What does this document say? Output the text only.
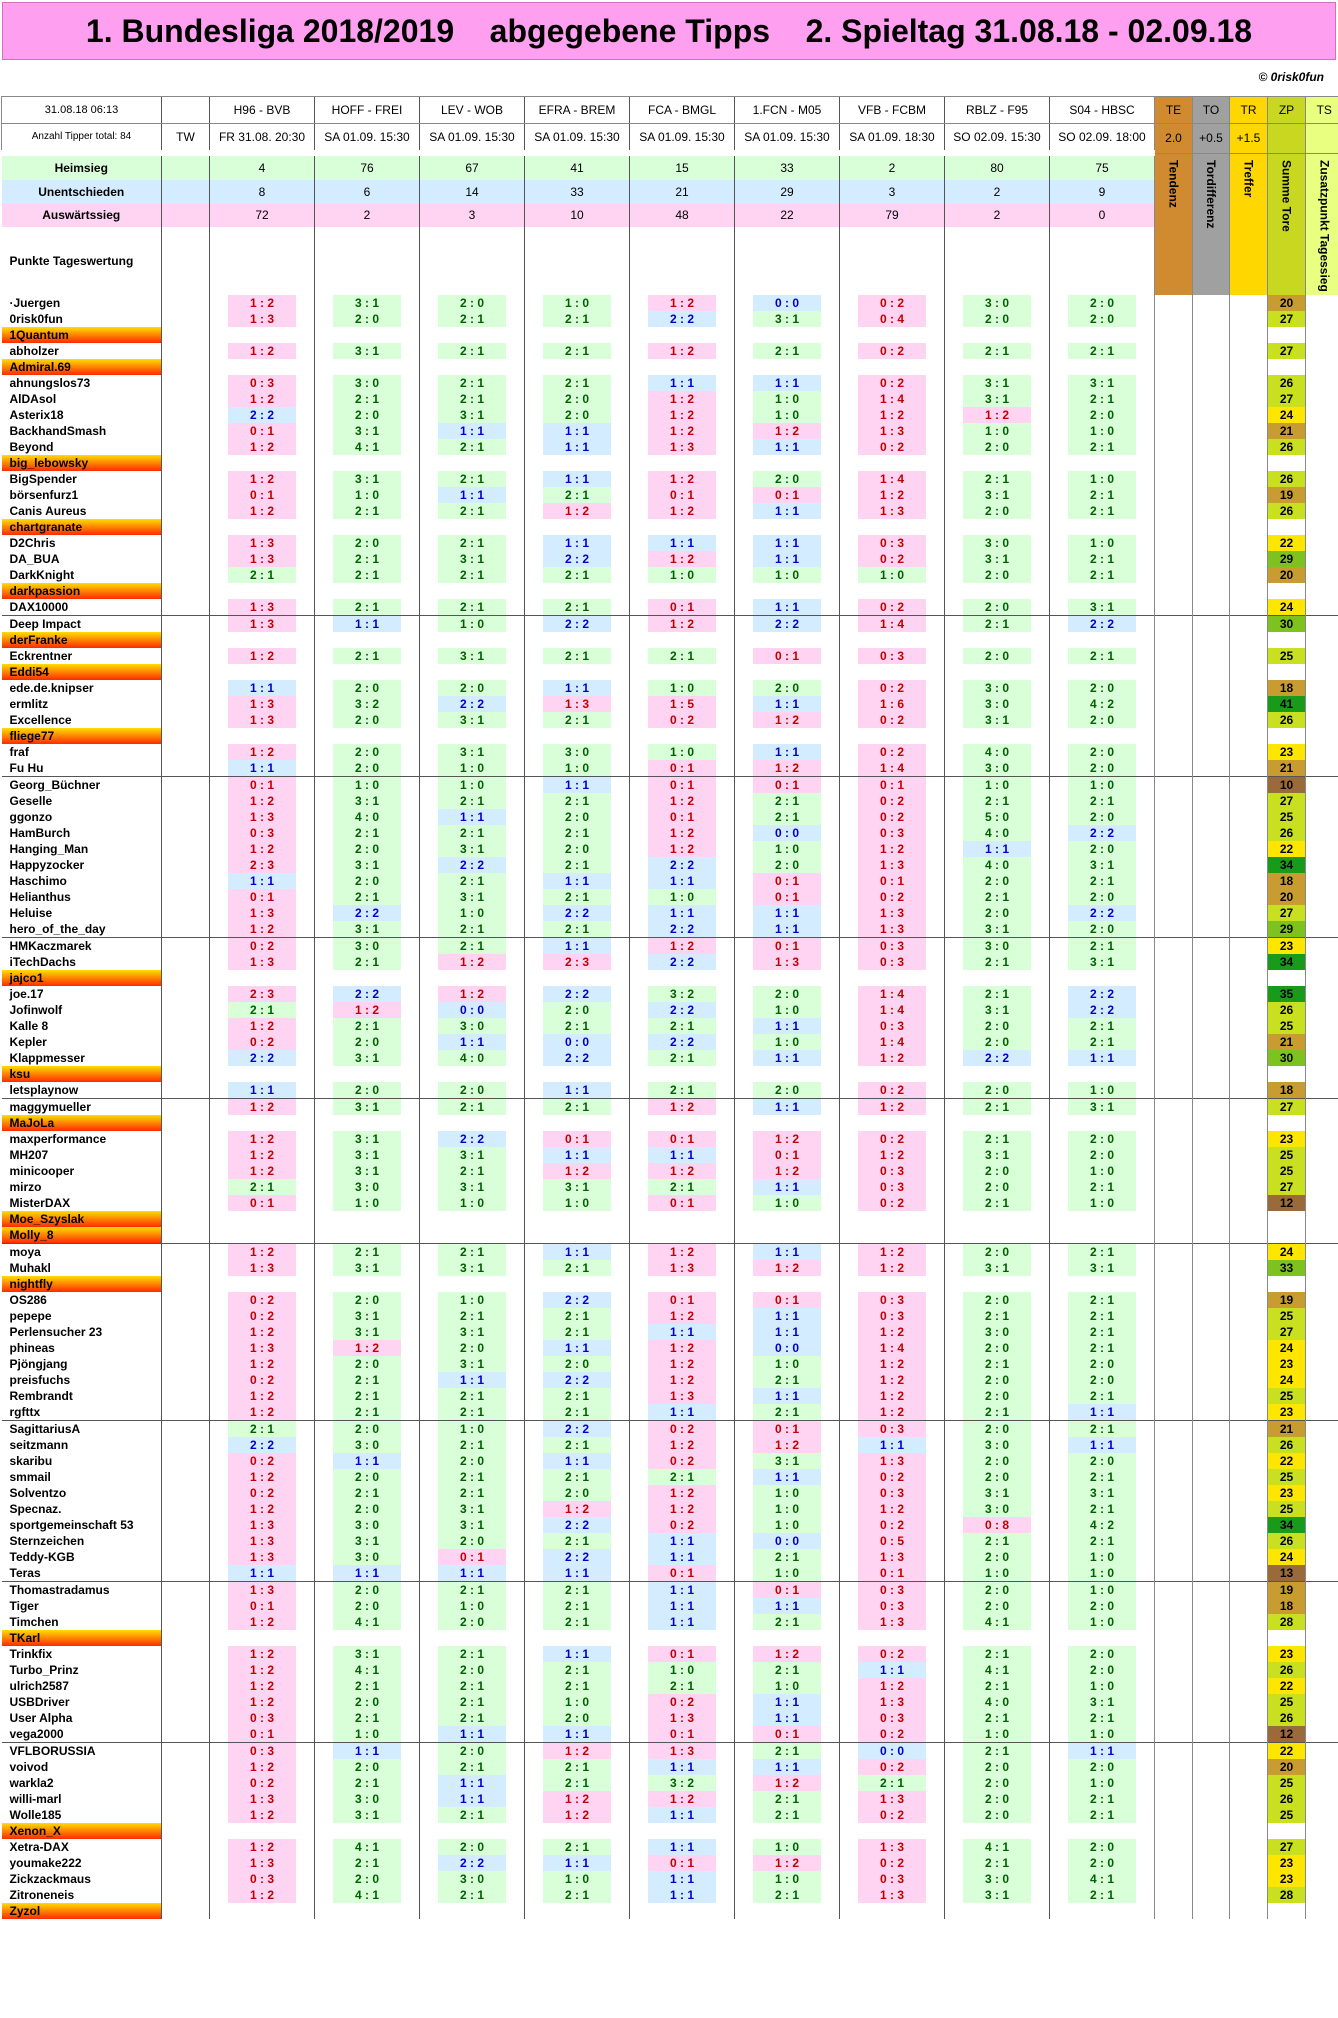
1. Bundesliga 2018/2019    abgegebene Tipps    2. Spieltag 31.08.18 - 02.09.18
© 0risk0fun
31.08.18 06:13		H96 - BVB	HOFF - FREI	LEV - WOB	EFRA - BREM	FCA - BMGL	1.FCN - M05	VFB - FCBM	RBLZ - F95	S04 - HBSC	TE	TO	TR	ZP	TS
Anzahl Tipper total: 84	TW	FR 31.08. 20:30	SA 01.09. 15:30	SA 01.09. 15:30	SA 01.09. 15:30	SA 01.09. 15:30	SA 01.09. 15:30	SA 01.09. 18:30	SO 02.09. 15:30	SO 02.09. 18:00	2.0	+0.5	+1.5		
Heimsieg		4	76	67	41	15	33	2	80	75	Tendenz	Tordifferenz	Treffer	Summe Tore	Zusatzpunkt Tagessieg
Unentschieden		8	6	14	33	21	29	3	2	9					
Auswärtssieg		72	2	3	10	48	22	79	2	0					
Punkte Tageswertung															
·Juergen		1 : 2	3 : 1	2 : 0	1 : 0	1 : 2	0 : 0	0 : 2	3 : 0	2 : 0				20	
0risk0fun		1 : 3	2 : 0	2 : 1	2 : 1	2 : 2	3 : 1	0 : 4	2 : 0	2 : 0				27	
1Quantum															
abholzer		1 : 2	3 : 1	2 : 1	2 : 1	1 : 2	2 : 1	0 : 2	2 : 1	2 : 1				27	
Admiral.69															
ahnungslos73		0 : 3	3 : 0	2 : 1	2 : 1	1 : 1	1 : 1	0 : 2	3 : 1	3 : 1				26	
AlDAsol		1 : 2	2 : 1	2 : 1	2 : 0	1 : 2	1 : 0	1 : 4	3 : 1	2 : 1				27	
Asterix18		2 : 2	2 : 0	3 : 1	2 : 0	1 : 2	1 : 0	1 : 2	1 : 2	2 : 0				24	
BackhandSmash		0 : 1	3 : 1	1 : 1	1 : 1	1 : 2	1 : 2	1 : 3	1 : 0	1 : 0				21	
Beyond		1 : 2	4 : 1	2 : 1	1 : 1	1 : 3	1 : 1	0 : 2	2 : 0	2 : 1				26	
big_lebowsky															
BigSpender		1 : 2	3 : 1	2 : 1	1 : 1	1 : 2	2 : 0	1 : 4	2 : 1	1 : 0				26	
börsenfurz1		0 : 1	1 : 0	1 : 1	2 : 1	0 : 1	0 : 1	1 : 2	3 : 1	2 : 1				19	
Canis Aureus		1 : 2	2 : 1	2 : 1	1 : 2	1 : 2	1 : 1	1 : 3	2 : 0	2 : 1				26	
chartgranate															
D2Chris		1 : 3	2 : 0	2 : 1	1 : 1	1 : 1	1 : 1	0 : 3	3 : 0	1 : 0				22	
DA_BUA		1 : 3	2 : 1	3 : 1	2 : 2	1 : 2	1 : 1	0 : 2	3 : 1	2 : 1				29	
DarkKnight		2 : 1	2 : 1	2 : 1	2 : 1	1 : 0	1 : 0	1 : 0	2 : 0	2 : 1				20	
darkpassion															
DAX10000		1 : 3	2 : 1	2 : 1	2 : 1	0 : 1	1 : 1	0 : 2	2 : 0	3 : 1				24	
Deep Impact		1 : 3	1 : 1	1 : 0	2 : 2	1 : 2	2 : 2	1 : 4	2 : 1	2 : 2				30	
derFranke															
Eckrentner		1 : 2	2 : 1	3 : 1	2 : 1	2 : 1	0 : 1	0 : 3	2 : 0	2 : 1				25	
Eddi54															
ede.de.knipser		1 : 1	2 : 0	2 : 0	1 : 1	1 : 0	2 : 0	0 : 2	3 : 0	2 : 0				18	
ermlitz		1 : 3	3 : 2	2 : 2	1 : 3	1 : 5	1 : 1	1 : 6	3 : 0	4 : 2				41	
Excellence		1 : 3	2 : 0	3 : 1	2 : 1	0 : 2	1 : 2	0 : 2	3 : 1	2 : 0				26	
fliege77															
fraf		1 : 2	2 : 0	3 : 1	3 : 0	1 : 0	1 : 1	0 : 2	4 : 0	2 : 0				23	
Fu Hu		1 : 1	2 : 0	1 : 0	1 : 0	0 : 1	1 : 2	1 : 4	3 : 0	2 : 0				21	
Georg_Büchner		0 : 1	1 : 0	1 : 0	1 : 1	0 : 1	0 : 1	0 : 1	1 : 0	1 : 0				10	
Geselle		1 : 2	3 : 1	2 : 1	2 : 1	1 : 2	2 : 1	0 : 2	2 : 1	2 : 1				27	
ggonzo		1 : 3	4 : 0	1 : 1	2 : 0	0 : 1	2 : 1	0 : 2	5 : 0	2 : 0				25	
HamBurch		0 : 3	2 : 1	2 : 1	2 : 1	1 : 2	0 : 0	0 : 3	4 : 0	2 : 2				26	
Hanging_Man		1 : 2	2 : 0	3 : 1	2 : 0	1 : 2	1 : 0	1 : 2	1 : 1	2 : 0				22	
Happyzocker		2 : 3	3 : 1	2 : 2	2 : 1	2 : 2	2 : 0	1 : 3	4 : 0	3 : 1				34	
Haschimo		1 : 1	2 : 0	2 : 1	1 : 1	1 : 1	0 : 1	0 : 1	2 : 0	2 : 1				18	
Helianthus		0 : 1	2 : 1	3 : 1	2 : 1	1 : 0	0 : 1	0 : 2	2 : 1	2 : 0				20	
Heluise		1 : 3	2 : 2	1 : 0	2 : 2	1 : 1	1 : 1	1 : 3	2 : 0	2 : 2				27	
hero_of_the_day		1 : 2	3 : 1	2 : 1	2 : 1	2 : 2	1 : 1	1 : 3	3 : 1	2 : 0				29	
HMKaczmarek		0 : 2	3 : 0	2 : 1	1 : 1	1 : 2	0 : 1	0 : 3	3 : 0	2 : 1				23	
iTechDachs		1 : 3	2 : 1	1 : 2	2 : 3	2 : 2	1 : 3	0 : 3	2 : 1	3 : 1				34	
jajco1															
joe.17		2 : 3	2 : 2	1 : 2	2 : 2	3 : 2	2 : 0	1 : 4	2 : 1	2 : 2				35	
Jofinwolf		2 : 1	1 : 2	0 : 0	2 : 0	2 : 2	1 : 0	1 : 4	3 : 1	2 : 2				26	
Kalle 8		1 : 2	2 : 1	3 : 0	2 : 1	2 : 1	1 : 1	0 : 3	2 : 0	2 : 1				25	
Kepler		0 : 2	2 : 0	1 : 1	0 : 0	2 : 2	1 : 0	1 : 4	2 : 0	2 : 1				21	
Klappmesser		2 : 2	3 : 1	4 : 0	2 : 2	2 : 1	1 : 1	1 : 2	2 : 2	1 : 1				30	
ksu															
letsplaynow		1 : 1	2 : 0	2 : 0	1 : 1	2 : 1	2 : 0	0 : 2	2 : 0	1 : 0				18	
maggymueller		1 : 2	3 : 1	2 : 1	2 : 1	1 : 2	1 : 1	1 : 2	2 : 1	3 : 1				27	
MaJoLa															
maxperformance		1 : 2	3 : 1	2 : 2	0 : 1	0 : 1	1 : 2	0 : 2	2 : 1	2 : 0				23	
MH207		1 : 2	3 : 1	3 : 1	1 : 1	1 : 1	0 : 1	1 : 2	3 : 1	2 : 0				25	
minicooper		1 : 2	3 : 1	2 : 1	1 : 2	1 : 2	1 : 2	0 : 3	2 : 0	1 : 0				25	
mirzo		2 : 1	3 : 0	3 : 1	3 : 1	2 : 1	1 : 1	0 : 3	2 : 0	2 : 1				27	
MisterDAX		0 : 1	1 : 0	1 : 0	1 : 0	0 : 1	1 : 0	0 : 2	2 : 1	1 : 0				12	
Moe_Szyslak															
Molly_8															
moya		1 : 2	2 : 1	2 : 1	1 : 1	1 : 2	1 : 1	1 : 2	2 : 0	2 : 1				24	
Muhakl		1 : 3	3 : 1	3 : 1	2 : 1	1 : 3	1 : 2	1 : 2	3 : 1	3 : 1				33	
nightfly															
OS286		0 : 2	2 : 0	1 : 0	2 : 2	0 : 1	0 : 1	0 : 3	2 : 0	2 : 1				19	
pepepe		0 : 2	3 : 1	2 : 1	2 : 1	1 : 2	1 : 1	0 : 3	2 : 1	2 : 1				25	
Perlensucher 23		1 : 2	3 : 1	3 : 1	2 : 1	1 : 1	1 : 1	1 : 2	3 : 0	2 : 1				27	
phineas		1 : 3	1 : 2	2 : 0	1 : 1	1 : 2	0 : 0	1 : 4	2 : 0	2 : 1				24	
Pjöngjang		1 : 2	2 : 0	3 : 1	2 : 0	1 : 2	1 : 0	1 : 2	2 : 1	2 : 0				23	
preisfuchs		0 : 2	2 : 1	1 : 1	2 : 2	1 : 2	2 : 1	1 : 2	2 : 0	2 : 0				24	
Rembrandt		1 : 2	2 : 1	2 : 1	2 : 1	1 : 3	1 : 1	1 : 2	2 : 0	2 : 1				25	
rgfttx		1 : 2	2 : 1	2 : 1	2 : 1	1 : 1	2 : 1	1 : 2	2 : 1	1 : 1				23	
SagittariusA		2 : 1	2 : 0	1 : 0	2 : 2	0 : 2	0 : 1	0 : 3	2 : 0	2 : 1				21	
seitzmann		2 : 2	3 : 0	2 : 1	2 : 1	1 : 2	1 : 2	1 : 1	3 : 0	1 : 1				26	
skaribu		0 : 2	1 : 1	2 : 0	1 : 1	0 : 2	3 : 1	1 : 3	2 : 0	2 : 0				22	
smmail		1 : 2	2 : 0	2 : 1	2 : 1	2 : 1	1 : 1	0 : 2	2 : 0	2 : 1				25	
Solventzo		0 : 2	2 : 1	2 : 1	2 : 0	1 : 2	1 : 0	0 : 3	3 : 1	3 : 1				23	
Specnaz.		1 : 2	2 : 0	3 : 1	1 : 2	1 : 2	1 : 0	1 : 2	3 : 0	2 : 1				25	
sportgemeinschaft 53		1 : 3	3 : 0	3 : 1	2 : 2	0 : 2	1 : 0	0 : 2	0 : 8	4 : 2				34	
Sternzeichen		1 : 3	3 : 1	2 : 0	2 : 1	1 : 1	0 : 0	0 : 5	2 : 1	2 : 1				26	
Teddy-KGB		1 : 3	3 : 0	0 : 1	2 : 2	1 : 1	2 : 1	1 : 3	2 : 0	1 : 0				24	
Teras		1 : 1	1 : 1	1 : 1	1 : 1	0 : 1	1 : 0	0 : 1	1 : 0	1 : 0				13	
Thomastradamus		1 : 3	2 : 0	2 : 1	2 : 1	1 : 1	0 : 1	0 : 3	2 : 0	1 : 0				19	
Tiger		0 : 1	2 : 0	1 : 0	2 : 1	1 : 1	1 : 1	0 : 3	2 : 0	2 : 0				18	
Timchen		1 : 2	4 : 1	2 : 0	2 : 1	1 : 1	2 : 1	1 : 3	4 : 1	1 : 0				28	
TKarl															
Trinkfix		1 : 2	3 : 1	2 : 1	1 : 1	0 : 1	1 : 2	0 : 2	2 : 1	2 : 0				23	
Turbo_Prinz		1 : 2	4 : 1	2 : 0	2 : 1	1 : 0	2 : 1	1 : 1	4 : 1	2 : 0				26	
ulrich2587		1 : 2	2 : 1	2 : 1	2 : 1	2 : 1	1 : 0	1 : 2	2 : 1	1 : 0				22	
USBDriver		1 : 2	2 : 0	2 : 1	1 : 0	0 : 2	1 : 1	1 : 3	4 : 0	3 : 1				25	
User Alpha		0 : 3	2 : 1	2 : 1	2 : 0	1 : 3	1 : 1	0 : 3	2 : 1	2 : 1				26	
vega2000		0 : 1	1 : 0	1 : 1	1 : 1	0 : 1	0 : 1	0 : 2	1 : 0	1 : 0				12	
VFLBORUSSIA		0 : 3	1 : 1	2 : 0	1 : 2	1 : 3	2 : 1	0 : 0	2 : 1	1 : 1				22	
voivod		1 : 2	2 : 0	2 : 1	2 : 1	1 : 1	1 : 1	0 : 2	2 : 0	2 : 0				20	
warkla2		0 : 2	2 : 1	1 : 1	2 : 1	3 : 2	1 : 2	2 : 1	2 : 0	1 : 0				25	
willi-marl		1 : 3	3 : 0	1 : 1	1 : 2	1 : 2	2 : 1	1 : 3	2 : 0	2 : 1				26	
Wolle185		1 : 2	3 : 1	2 : 1	1 : 2	1 : 1	2 : 1	0 : 2	2 : 0	2 : 1				25	
Xenon_X															
Xetra-DAX		1 : 2	4 : 1	2 : 0	2 : 1	1 : 1	1 : 0	1 : 3	4 : 1	2 : 0				27	
youmake222		1 : 3	2 : 1	2 : 2	1 : 1	0 : 1	1 : 2	0 : 2	2 : 1	2 : 0				23	
Zickzackmaus		0 : 3	2 : 0	3 : 0	1 : 0	1 : 1	1 : 0	0 : 3	3 : 0	4 : 1				23	
Zitroneneis		1 : 2	4 : 1	2 : 1	2 : 1	1 : 1	2 : 1	1 : 3	3 : 1	2 : 1				28	
Zyzol															
